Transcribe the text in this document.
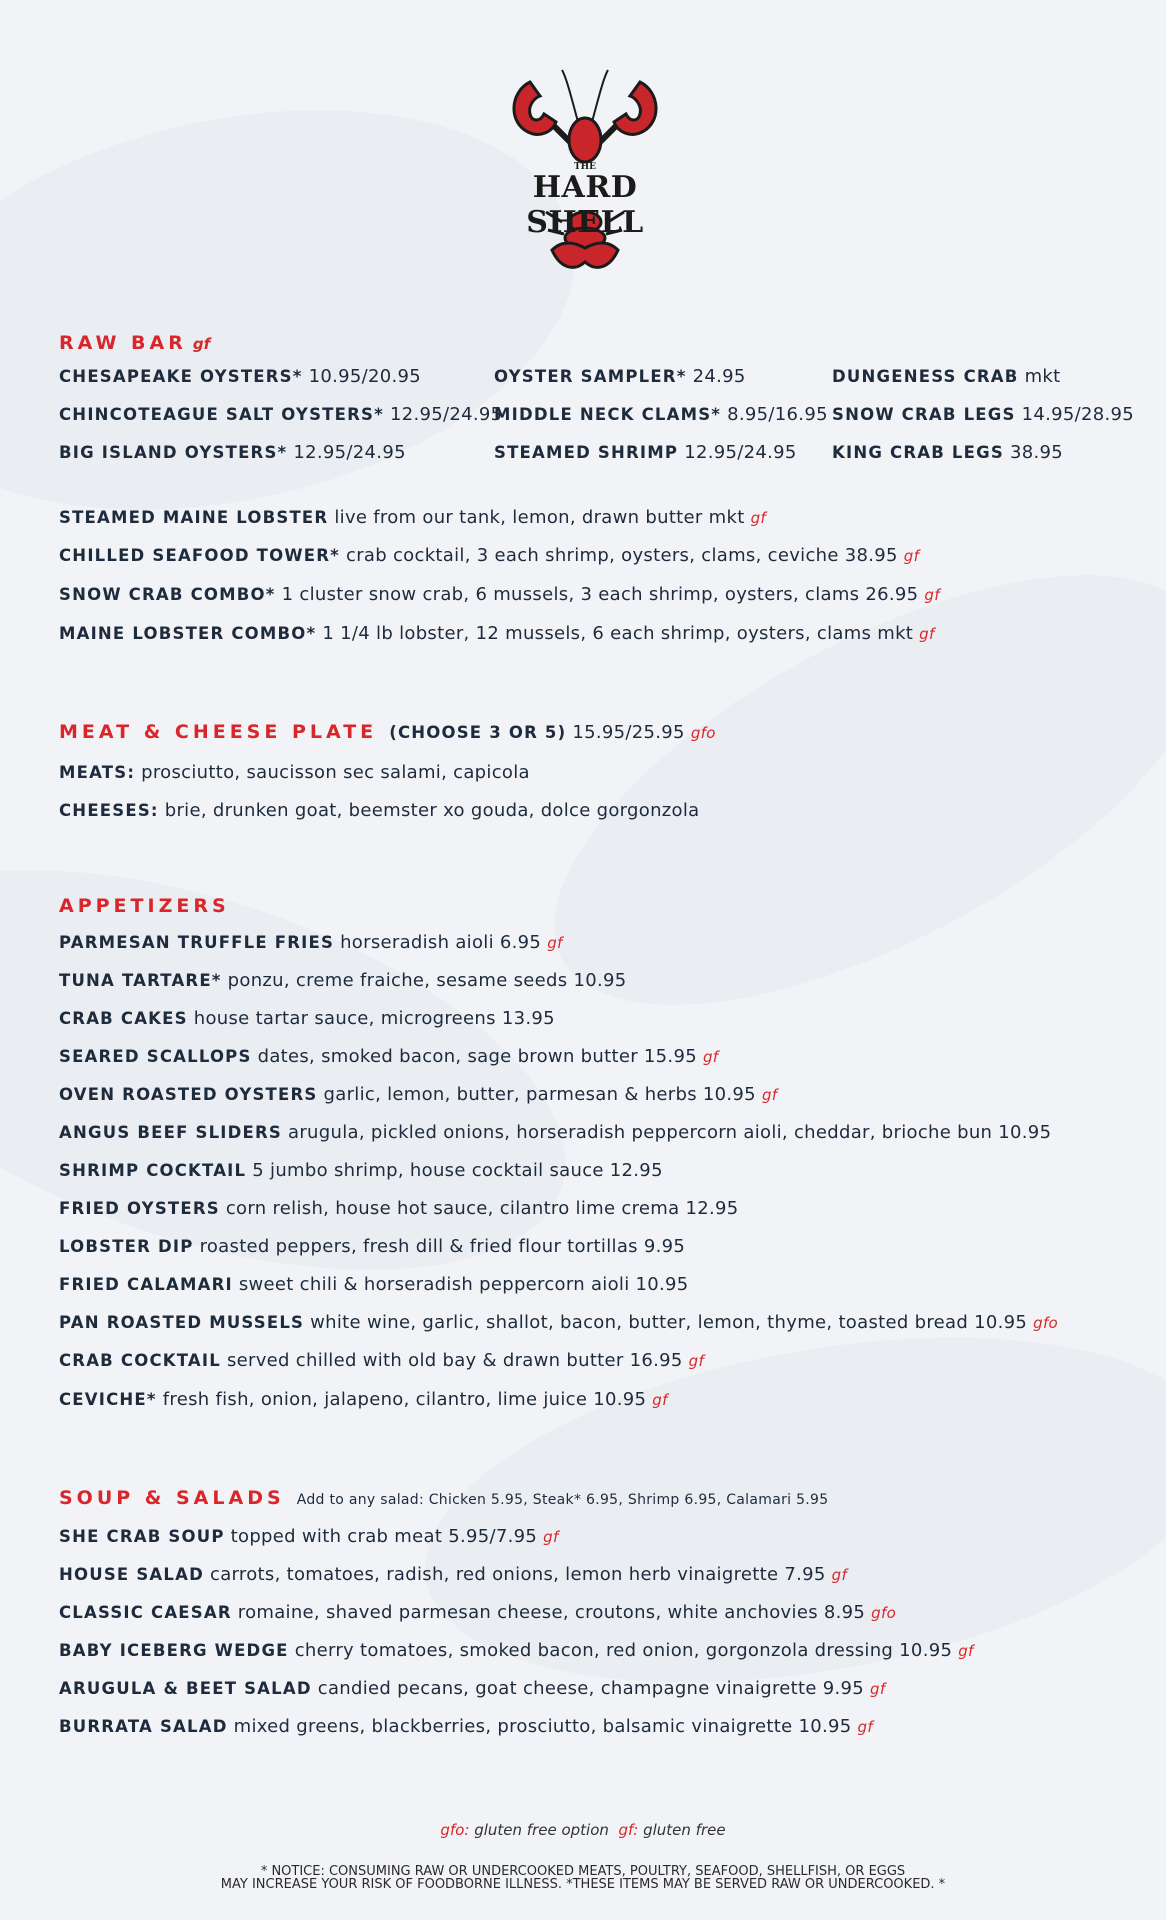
THE
HARD SHELL
RAW BAR gf
CHESAPEAKE OYSTERS* 10.95/20.95
CHINCOTEAGUE SALT OYSTERS* 12.95/24.95
BIG ISLAND OYSTERS* 12.95/24.95
OYSTER SAMPLER* 24.95
MIDDLE NECK CLAMS* 8.95/16.95
STEAMED SHRIMP 12.95/24.95
DUNGENESS CRAB mkt
SNOW CRAB LEGS 14.95/28.95
KING CRAB LEGS 38.95
STEAMED MAINE LOBSTER live from our tank, lemon, drawn butter mkt gf
CHILLED SEAFOOD TOWER* crab cocktail, 3 each shrimp, oysters, clams, ceviche 38.95 gf
SNOW CRAB COMBO* 1 cluster snow crab, 6 mussels, 3 each shrimp, oysters, clams 26.95 gf
MAINE LOBSTER COMBO* 1 1/4 lb lobster, 12 mussels, 6 each shrimp, oysters, clams mkt gf
MEAT & CHEESE PLATE (CHOOSE 3 OR 5) 15.95/25.95 gfo
MEATS: prosciutto, saucisson sec salami, capicola
CHEESES: brie, drunken goat, beemster xo gouda, dolce gorgonzola
APPETIZERS
PARMESAN TRUFFLE FRIES horseradish aioli 6.95 gf
TUNA TARTARE* ponzu, creme fraiche, sesame seeds 10.95
CRAB CAKES house tartar sauce, microgreens 13.95
SEARED SCALLOPS dates, smoked bacon, sage brown butter 15.95 gf
OVEN ROASTED OYSTERS garlic, lemon, butter, parmesan & herbs 10.95 gf
ANGUS BEEF SLIDERS arugula, pickled onions, horseradish peppercorn aioli, cheddar, brioche bun 10.95
SHRIMP COCKTAIL 5 jumbo shrimp, house cocktail sauce 12.95
FRIED OYSTERS corn relish, house hot sauce, cilantro lime crema 12.95
LOBSTER DIP roasted peppers, fresh dill & fried flour tortillas 9.95
FRIED CALAMARI sweet chili & horseradish peppercorn aioli 10.95
PAN ROASTED MUSSELS white wine, garlic, shallot, bacon, butter, lemon, thyme, toasted bread 10.95 gfo
CRAB COCKTAIL served chilled with old bay & drawn butter 16.95 gf
CEVICHE* fresh fish, onion, jalapeno, cilantro, lime juice 10.95 gf
SOUP & SALADS Add to any salad: Chicken 5.95, Steak* 6.95, Shrimp 6.95, Calamari 5.95
SHE CRAB SOUP topped with crab meat 5.95/7.95 gf
HOUSE SALAD carrots, tomatoes, radish, red onions, lemon herb vinaigrette 7.95 gf
CLASSIC CAESAR romaine, shaved parmesan cheese, croutons, white anchovies 8.95 gfo
BABY ICEBERG WEDGE cherry tomatoes, smoked bacon, red onion, gorgonzola dressing 10.95 gf
ARUGULA & BEET SALAD candied pecans, goat cheese, champagne vinaigrette 9.95 gf
BURRATA SALAD mixed greens, blackberries, prosciutto, balsamic vinaigrette 10.95 gf
gfo: gluten free option gf: gluten free
* NOTICE: CONSUMING RAW OR UNDERCOOKED MEATS, POULTRY, SEAFOOD, SHELLFISH, OR EGGS
MAY INCREASE YOUR RISK OF FOODBORNE ILLNESS. *THESE ITEMS MAY BE SERVED RAW OR UNDERCOOKED. *
